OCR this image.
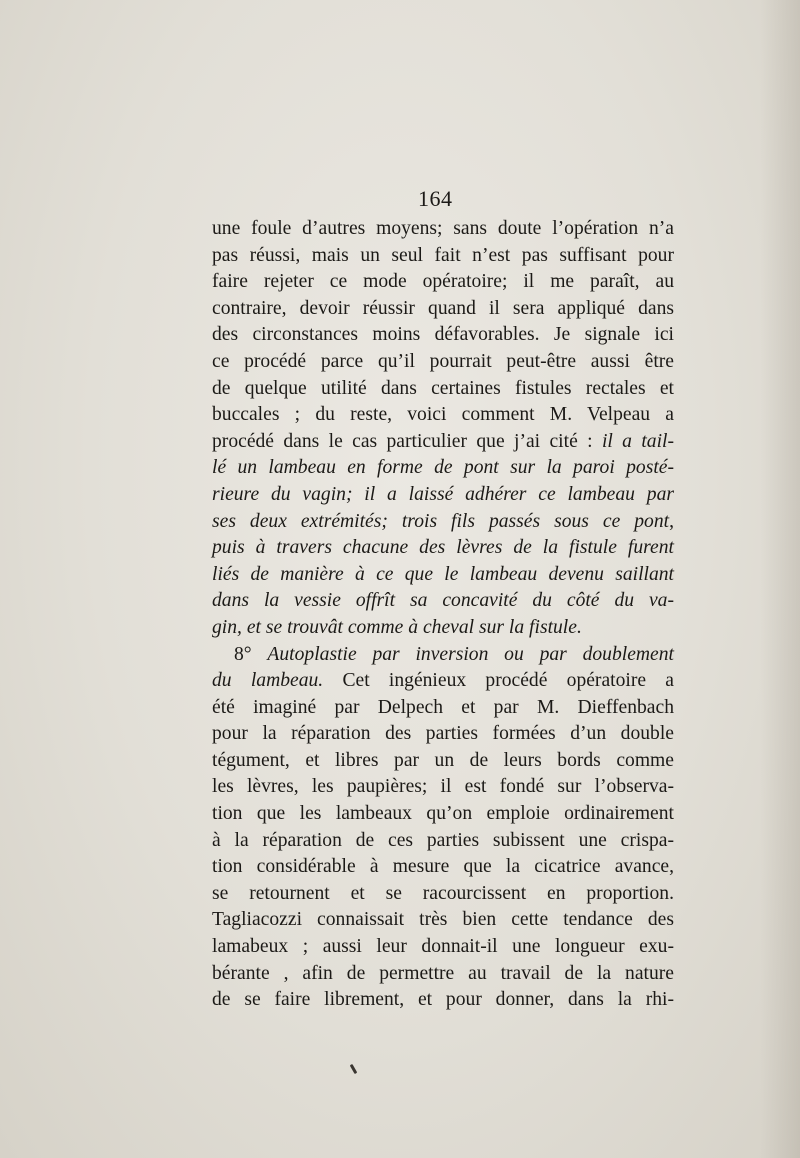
164
une foule d’autres moyens; sans doute l’opération n’a
pas réussi, mais un seul fait n’est pas suffisant pour
faire rejeter ce mode opératoire; il me paraît, au
contraire, devoir réussir quand il sera appliqué dans
des circonstances moins défavorables. Je signale ici
ce procédé parce qu’il pourrait peut-être aussi être
de quelque utilité dans certaines fistules rectales et
buccales ; du reste, voici comment M. Velpeau a
procédé dans le cas particulier que j’ai cité : il a tail-
lé un lambeau en forme de pont sur la paroi posté-
rieure du vagin; il a laissé adhérer ce lambeau par
ses deux extrémités; trois fils passés sous ce pont,
puis à travers chacune des lèvres de la fistule furent
liés de manière à ce que le lambeau devenu saillant
dans la vessie offrît sa concavité du côté du va-
gin, et se trouvât comme à cheval sur la fistule.
8° Autoplastie par inversion ou par doublement
du lambeau. Cet ingénieux procédé opératoire a
été imaginé par Delpech et par M. Dieffenbach
pour la réparation des parties formées d’un double
tégument, et libres par un de leurs bords comme
les lèvres, les paupières; il est fondé sur l’observa-
tion que les lambeaux qu’on emploie ordinairement
à la réparation de ces parties subissent une crispa-
tion considérable à mesure que la cicatrice avance,
se retournent et se racourcissent en proportion.
Tagliacozzi connaissait très bien cette tendance des
lamabeux ; aussi leur donnait-il une longueur exu-
bérante , afin de permettre au travail de la nature
de se faire librement, et pour donner, dans la rhi-
